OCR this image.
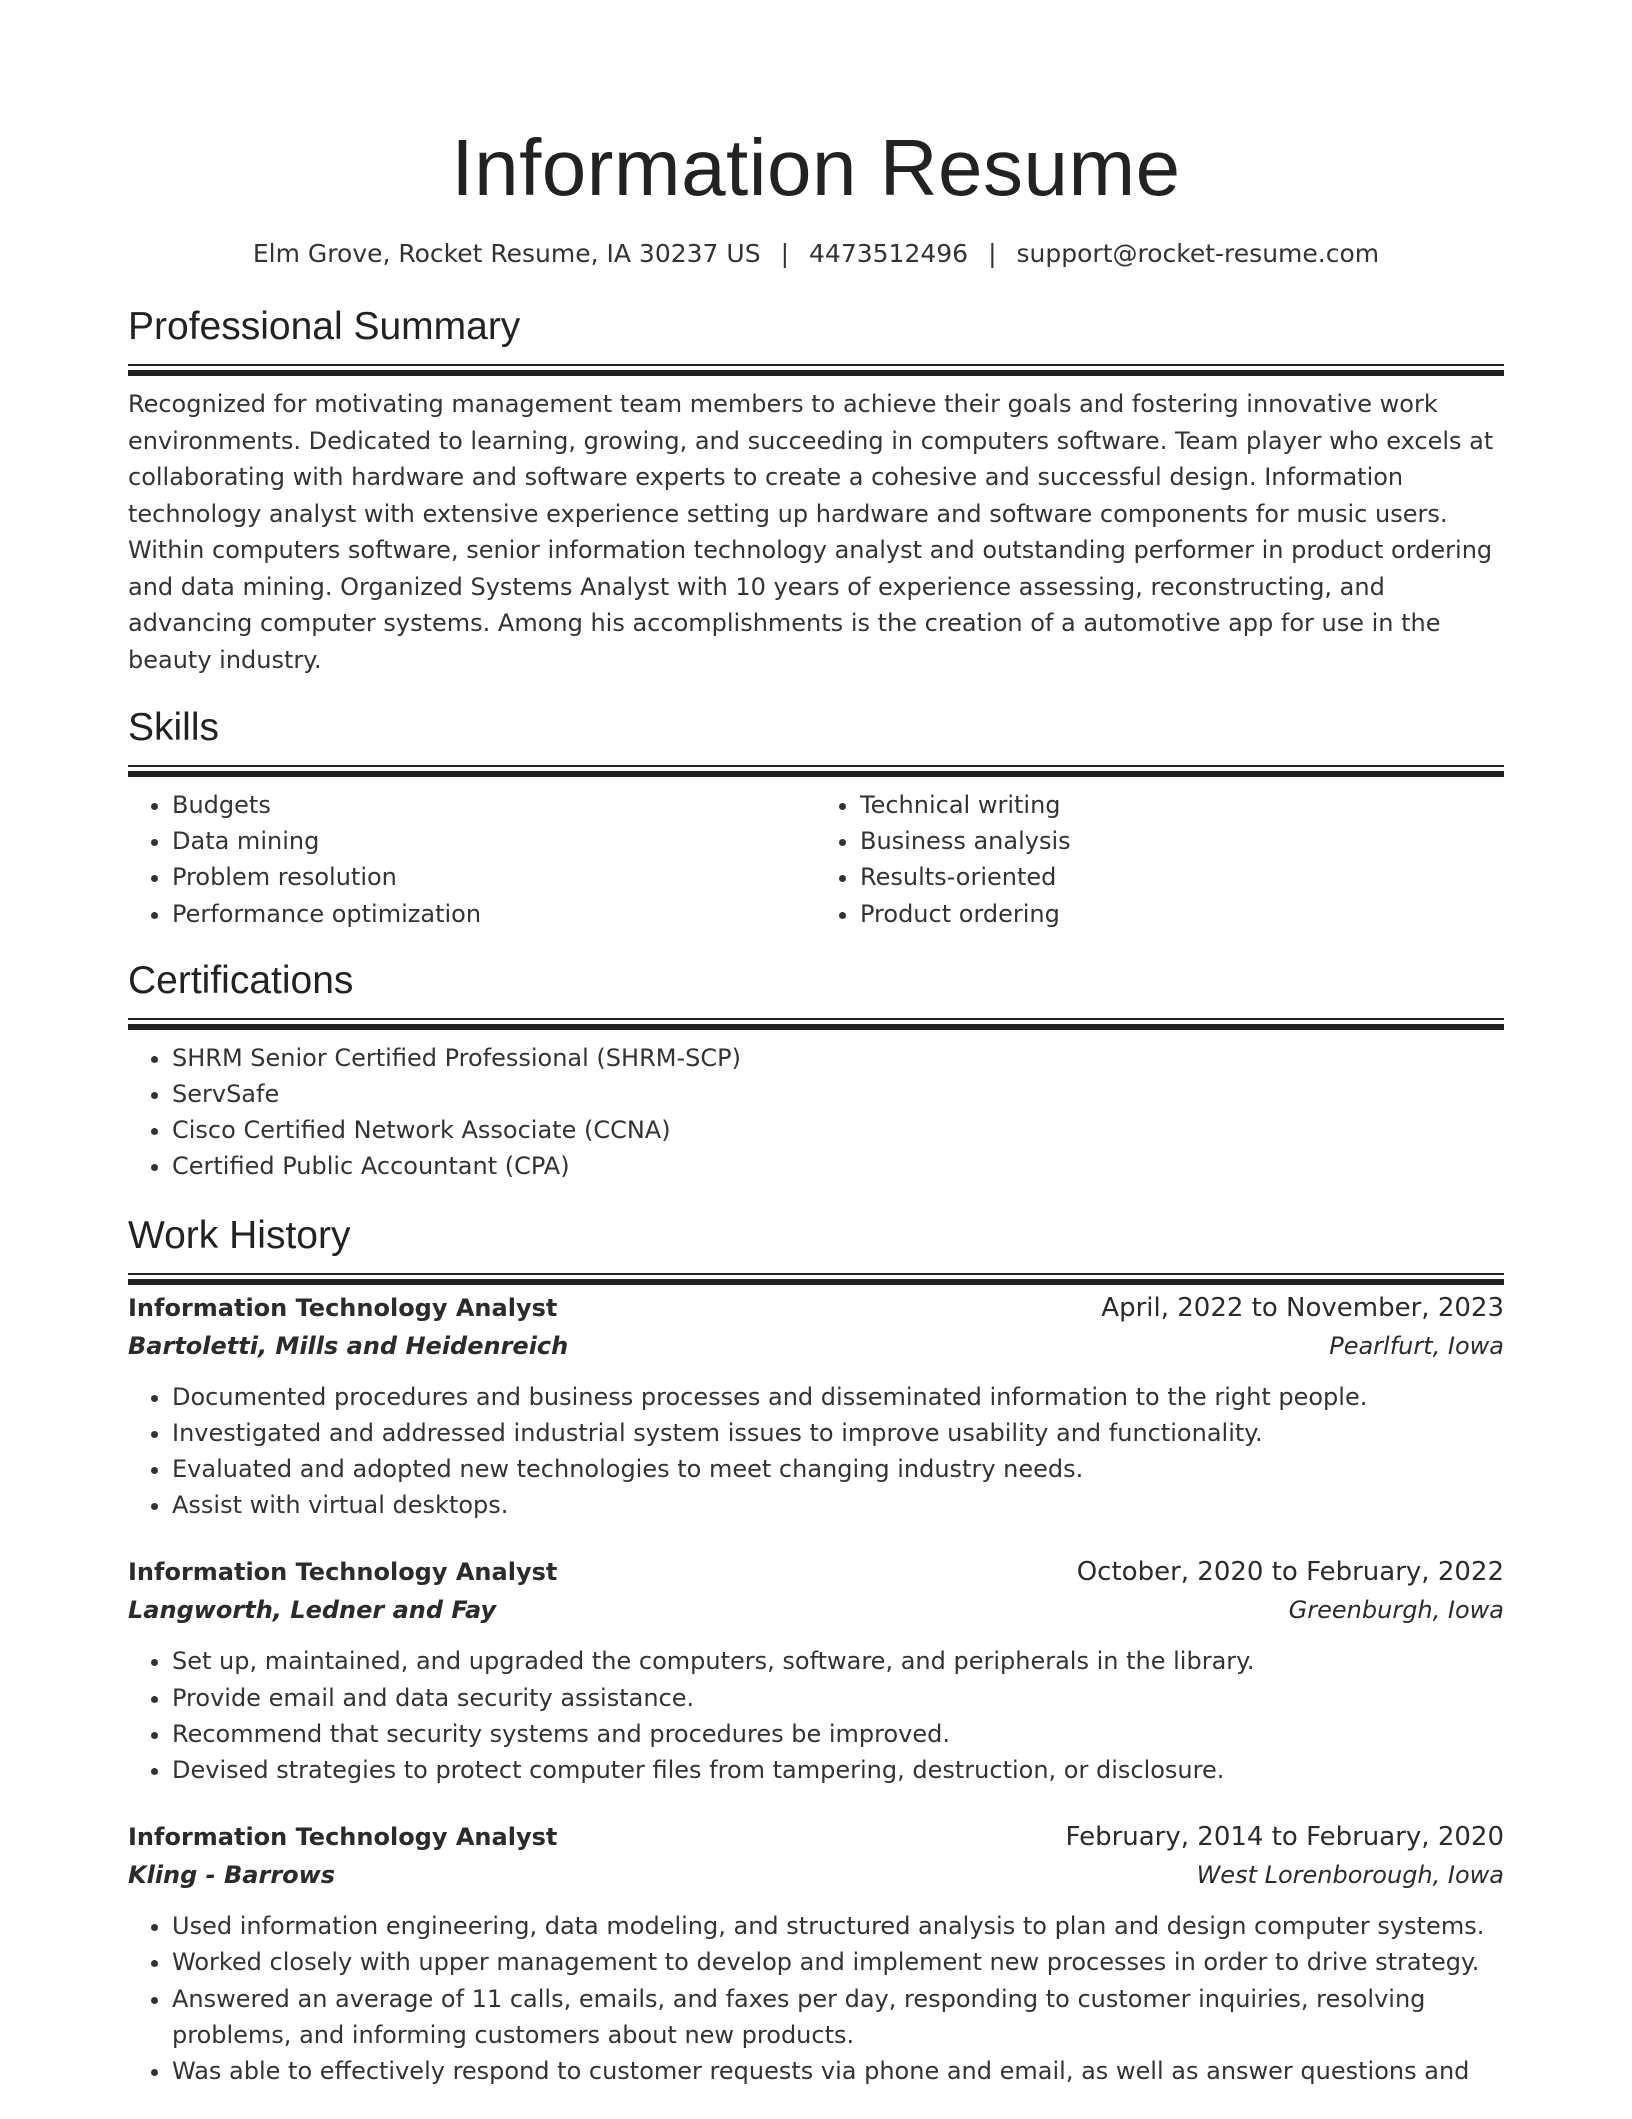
Information Resume
Elm Grove, Rocket Resume, IA 30237 US | 4473512496 | support@rocket-resume.com
Professional Summary

Recognized for motivating management team members to achieve their goals and fostering innovative work environments. Dedicated to learning, growing, and succeeding in computers software. Team player who excels at collaborating with hardware and software experts to create a cohesive and successful design. Information technology analyst with extensive experience setting up hardware and software components for music users. Within computers software, senior information technology analyst and outstanding performer in product ordering and data mining. Organized Systems Analyst with 10 years of experience assessing, reconstructing, and advancing computer systems. Among his accomplishments is the creation of a automotive app for use in the beauty industry.

Skills
• Budgets
• Data mining
• Problem resolution
• Performance optimization
• Technical writing
• Business analysis
• Results-oriented
• Product ordering
Certifications
• SHRM Senior Certified Professional (SHRM-SCP)
• ServSafe
• Cisco Certified Network Associate (CCNA)
• Certified Public Accountant (CPA)
Work History
Information Technology Analyst	April, 2022 to November, 2023
Bartoletti, Mills and Heidenreich	Pearlfurt, Iowa
• Documented procedures and business processes and disseminated information to the right people.
• Investigated and addressed industrial system issues to improve usability and functionality.
• Evaluated and adopted new technologies to meet changing industry needs.
• Assist with virtual desktops.
Information Technology Analyst	October, 2020 to February, 2022
Langworth, Ledner and Fay	Greenburgh, Iowa
• Set up, maintained, and upgraded the computers, software, and peripherals in the library.
• Provide email and data security assistance.
• Recommend that security systems and procedures be improved.
• Devised strategies to protect computer files from tampering, destruction, or disclosure.
Information Technology Analyst	February, 2014 to February, 2020
Kling - Barrows	West Lorenborough, Iowa
• Used information engineering, data modeling, and structured analysis to plan and design computer systems.
• Worked closely with upper management to develop and implement new processes in order to drive strategy.
• Answered an average of 11 calls, emails, and faxes per day, responding to customer inquiries, resolving problems, and informing customers about new products.
• Was able to effectively respond to customer requests via phone and email, as well as answer questions and
